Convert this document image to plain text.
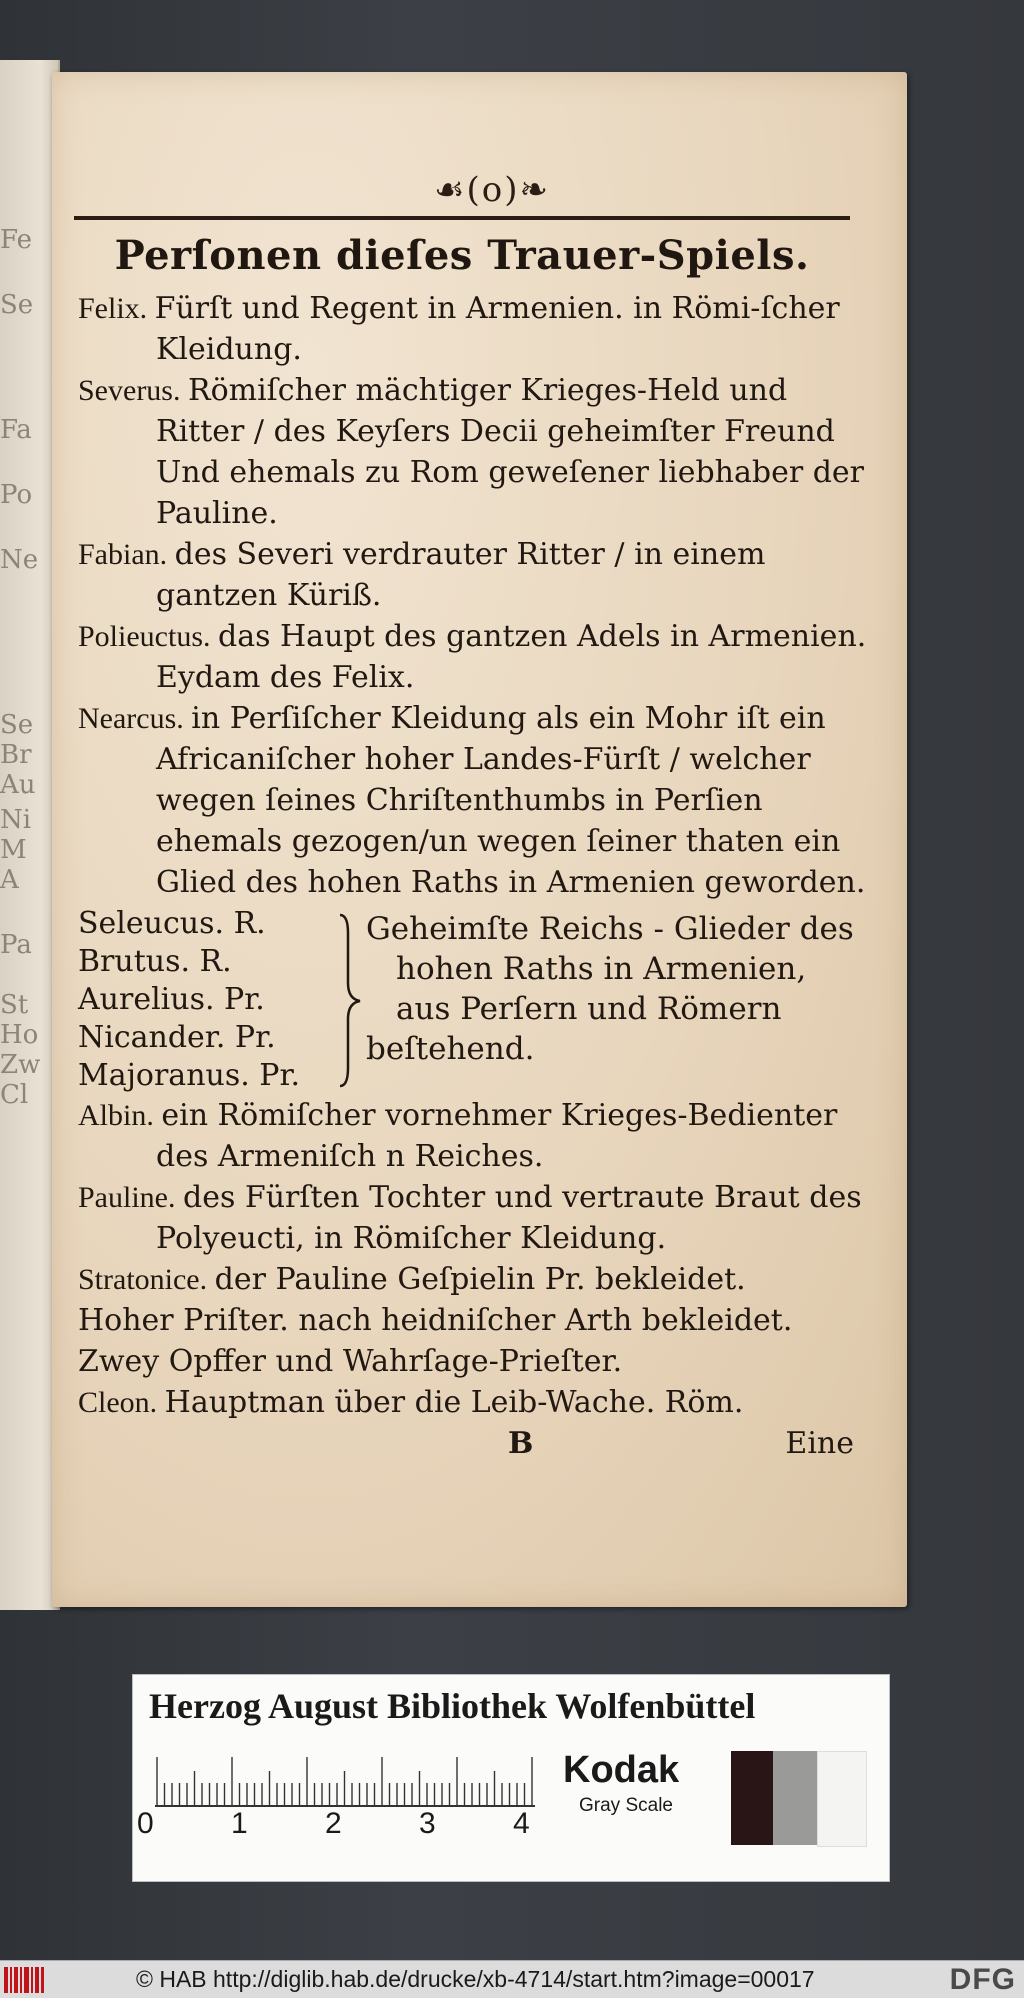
Fe
Se
Fa
Po
Ne
Se
Br
Au
Ni
M
A
Pa
St
Ho
Zw
Cl
☙(o)❧
Perſonen dieſes Trauer-Spiels.
Felix. Fürſt und Regent in Armenien. in Römi-ſcher Kleidung.
Severus. Römiſcher mächtiger Krieges-Held und Ritter / des Keyſers Decii geheimſter Freund Und ehemals zu Rom geweſener liebhaber der Pauline.
Fabian. des Severi verdrauter Ritter / in einem gantzen Küriß.
Polieuctus. das Haupt des gantzen Adels in Armenien. Eydam des Felix.
Nearcus. in Perſiſcher Kleidung als ein Mohr iſt ein Africaniſcher hoher Landes-Fürſt / welcher wegen ſeines Chriſtenthumbs in Perſien ehemals gezogen/un wegen ſeiner thaten ein Glied des hohen Raths in Armenien geworden.
Seleucus. R.
Brutus. R.
Aurelius. Pr.
Nicander. Pr.
Majoranus. Pr.
Geheimſte Reichs - Glieder des
hohen Raths in Armenien,
aus Perſern und Römern
beſtehend.
Albin. ein Römiſcher vornehmer Krieges-Bedienter des Armeniſch n Reiches.
Pauline. des Fürſten Tochter und vertraute Braut des Polyeucti, in Römiſcher Kleidung.
Stratonice. der Pauline Geſpielin Pr. bekleidet.
Hoher Priſter. nach heidniſcher Arth bekleidet.
Zwey Opffer und Wahrſage-Prieſter.
Cleon. Hauptman über die Leib-Wache. Röm.
B	Eine
Herzog August Bibliothek Wolfenbüttel
0	1	2	3	4
Kodak
Gray Scale
© HAB http://diglib.hab.de/drucke/xb-4714/start.htm?image=00017	DFG
